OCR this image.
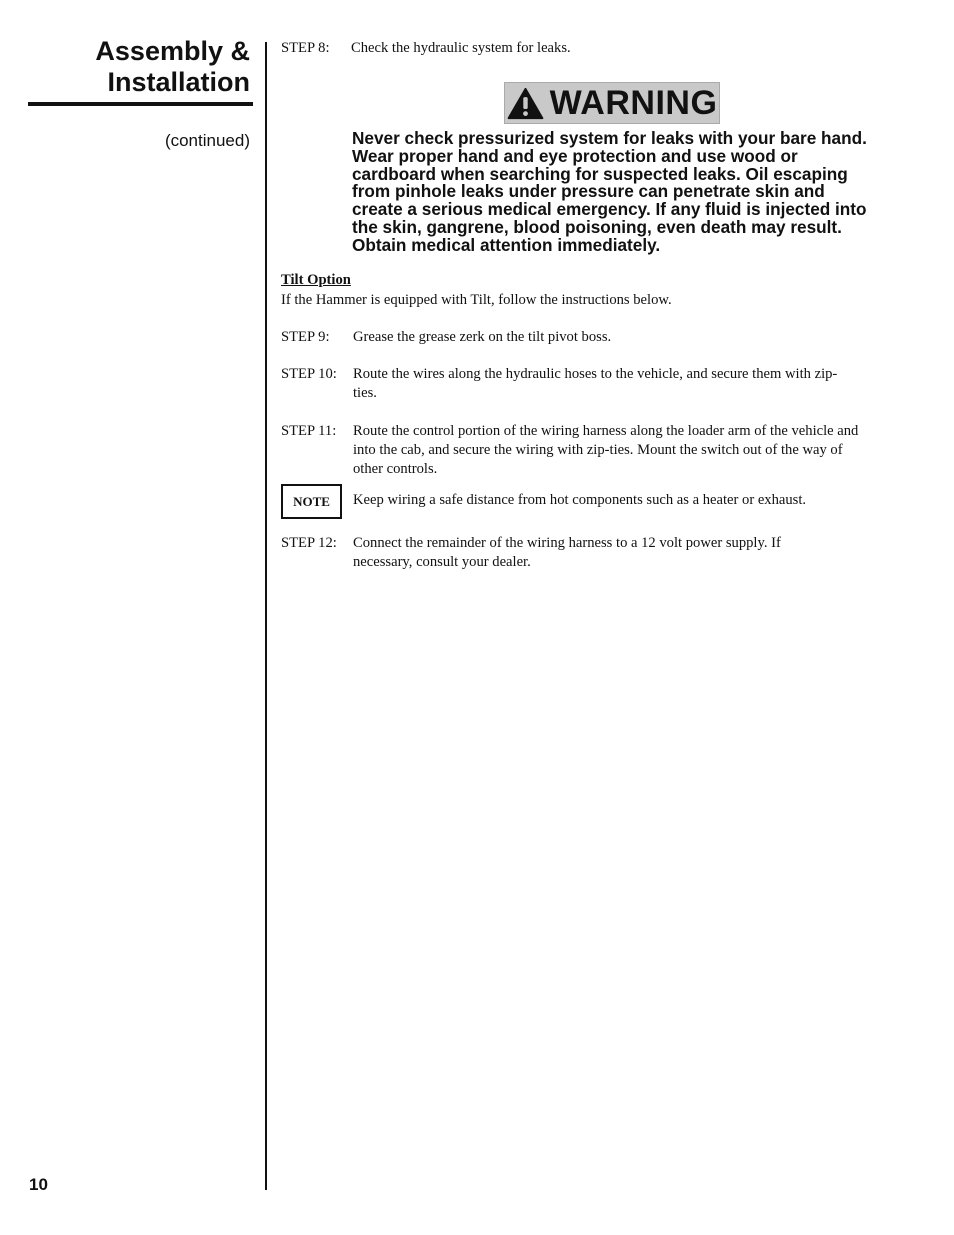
Assembly &
Installation
(continued)
STEP 8: Check the hydraulic system for leaks.
WARNING

Never check pressurized system for leaks with your bare hand. Wear proper hand and eye protection and use wood or cardboard when searching for suspected leaks. Oil escaping from pinhole leaks under pressure can penetrate skin and create a serious medical emergency. If any fluid is injected into the skin, gangrene, blood poisoning, even death may result. Obtain medical attention immediately.

Tilt Option
If the Hammer is equipped with Tilt, follow the instructions below.
STEP 9: Grease the grease zerk on the tilt pivot boss.
STEP 10: Route the wires along the hydraulic hoses to the vehicle, and secure them with zip-ties.
STEP 11: Route the control portion of the wiring harness along the loader arm of the vehicle and into the cab, and secure the wiring with zip-ties. Mount the switch out of the way of other controls.
NOTE	Keep wiring a safe distance from hot components such as a heater or exhaust.
STEP 12: Connect the remainder of the wiring harness to a 12 volt power supply. If necessary, consult your dealer.
10
